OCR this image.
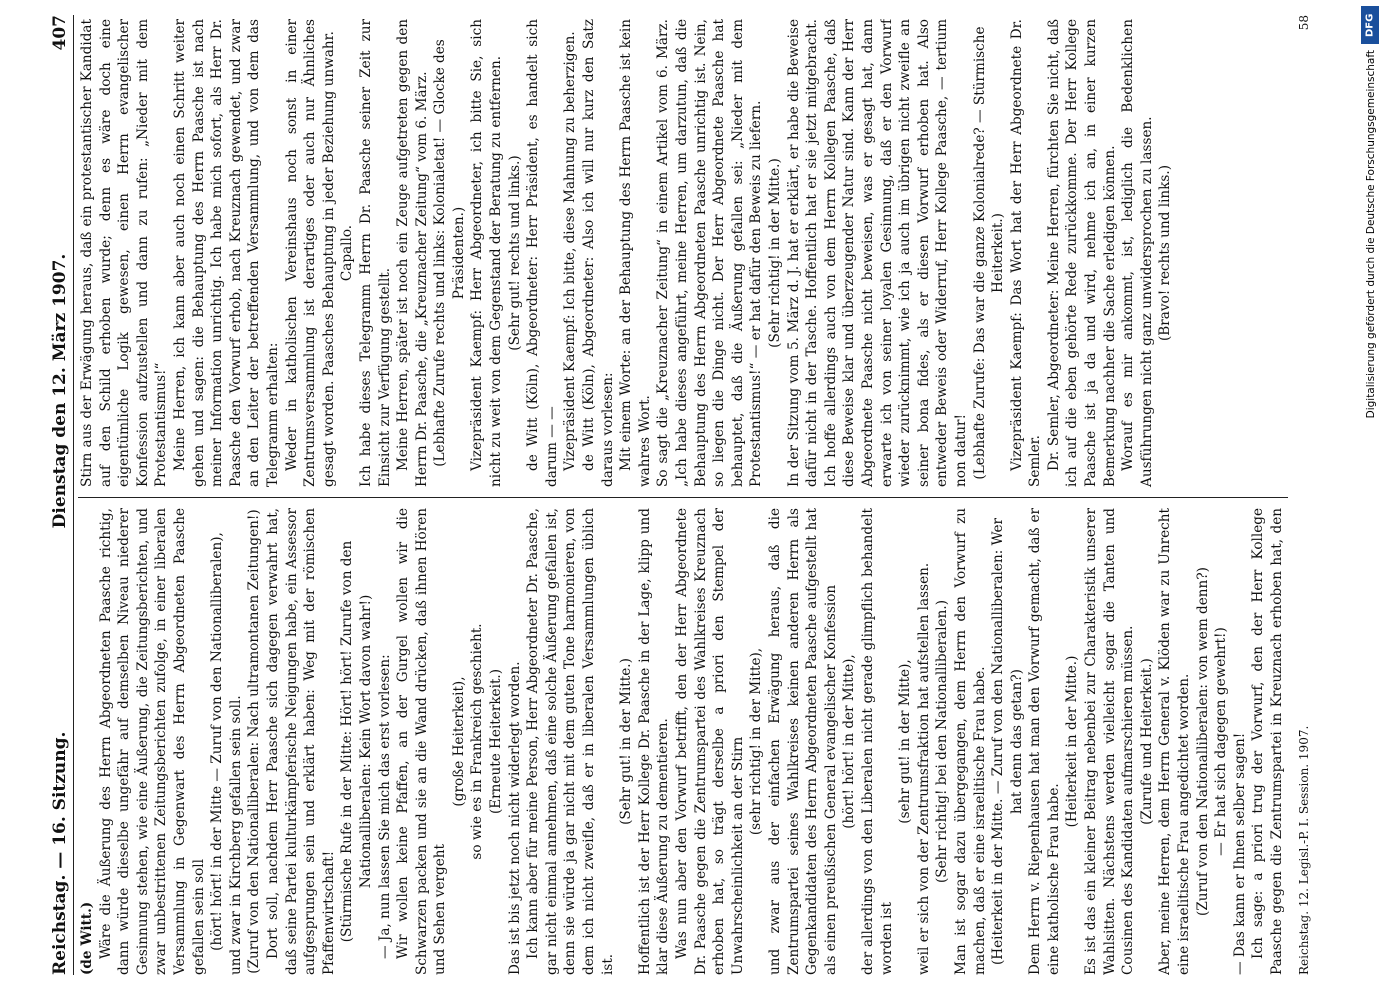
Reichstag. — 16. Sitzung.
Dienstag den 12. März 1907.
407

(de Witt.) Wäre die Äußerung des Herrn Abgeordneten Paasche richtig, dann würde dieselbe ungefähr auf demselben Niveau niederer Gesinnung stehen, wie eine Äußerung, die Zeitungsberichten, und zwar unbestrittenen Zeitungsberichten zufolge, in einer liberalen Versammlung in Gegenwart des Herrn Abgeordneten Paasche gefallen sein soll (hört! hört! in der Mitte — Zuruf von den Nationalliberalen), und zwar in Kirchberg gefallen sein soll. (Zuruf von den Nationalliberalen: Nach ultramontanen Zeitungen!) Dort soll, nachdem Herr Paasche sich dagegen verwahrt hat, daß seine Partei kulturkämpferische Neigungen habe, ein Assessor aufgesprungen sein und erklärt haben: Weg mit der römischen Pfaffenwirtschaft! (Stürmische Rufe in der Mitte: Hört! hört! Zurufe von den Nationalliberalen: Kein Wort davon wahr!) — Ja, nun lassen Sie mich das erst vorlesen: Wir wollen keine Pfaffen, an der Gurgel wollen wir die Schwarzen packen und sie an die Wand drücken, daß ihnen Hören und Sehen vergeht

(große Heiterkeit), so wie es in Frankreich geschieht. (Erneute Heiterkeit.) Das ist bis jetzt noch nicht widerlegt worden. Ich kann aber für meine Person, Herr Abgeordneter Dr. Paasche, gar nicht einmal annehmen, daß eine solche Äußerung gefallen ist, denn sie würde ja gar nicht mit dem guten Tone harmonieren, von dem ich nicht zweifle, daß er in liberalen Versammlungen üblich ist.

(Sehr gut! in der Mitte.) Hoffentlich ist der Herr Kollege Dr. Paasche in der Lage, klipp und klar diese Äußerung zu dementieren. Was nun aber den Vorwurf betrifft, den der Herr Abgeordnete Dr. Paasche gegen die Zentrumspartei des Wahlkreises Kreuznach erhoben hat, so trägt derselbe a priori den Stempel der Unwahrscheinlichkeit an der Stirn (sehr richtig! in der Mitte), und zwar aus der einfachen Erwägung heraus, daß die Zentrumspartei seines Wahlkreises keinen anderen Herrn als Gegenkandidaten des Herrn Abgeordneten Paasche aufgestellt hat als einen preußischen General evangelischer Konfession (hört! hört! in der Mitte), der allerdings von den Liberalen nicht gerade glimpflich behandelt worden ist

(sehr gut! in der Mitte), weil er sich von der Zentrumsfraktion hat aufstellen lassen. (Sehr richtig! bei den Nationalliberalen.) Man ist sogar dazu übergegangen, dem Herrn den Vorwurf zu machen, daß er eine israelitische Frau habe. (Heiterkeit in der Mitte. — Zuruf von den Nationalliberalen: Wer hat denn das getan?) Dem Herrn v. Riepenhausen hat man den Vorwurf gemacht, daß er eine katholische Frau habe.

(Heiterkeit in der Mitte.) Es ist das ein kleiner Beitrag nebenbei zur Charakteristik unserer Wahlsitten. Nächstens werden vielleicht sogar die Tanten und Cousinen des Kandidaten aufmarschieren müssen. (Zurufe und Heiterkeit.) Aber, meine Herren, dem Herrn General v. Klöden war zu Unrecht eine israelitische Frau angedichtet worden. (Zuruf von den Nationalliberalen: von wem denn?) — Er hat sich dagegen gewehrt!) — Das kann er Ihnen selber sagen! Ich sage: a priori trug der Vorwurf, den der Herr Kollege Paasche gegen die Zentrumspartei in Kreuznach erhoben hat, den

Stirn aus der Erwägung heraus, daß ein protestantischer Kandidat auf den Schild erhoben wurde; denn es wäre doch eine eigentümliche Logik gewesen, einen Herrn evangelischer Konfession aufzustellen und dann zu rufen: „Nieder mit dem Protestantismus!“ Meine Herren, ich kann aber auch noch einen Schritt weiter gehen und sagen: die Behauptung des Herrn Paasche ist nach meiner Information unrichtig. Ich habe mich sofort, als Herr Dr. Paasche den Vorwurf erhob, nach Kreuznach gewendet, und zwar an den Leiter der betreffenden Versammlung, und von dem das Telegramm erhalten: Weder in katholischen Vereinshaus noch sonst in einer Zentrumsversammlung ist derartiges oder auch nur Ähnliches gesagt worden. Paasches Behauptung in jeder Beziehung unwahr. Capallo. Ich habe dieses Telegramm Herrn Dr. Paasche seiner Zeit zur Einsicht zur Verfügung gestellt. Meine Herren, später ist noch ein Zeuge aufgetreten gegen den Herrn Dr. Paasche, die „Kreuznacher Zeitung“ vom 6. März. (Lebhafte Zurufe rechts und links: Kolonialetat! — Glocke des Präsidenten.) Vizepräsident Kaempf: Herr Abgeordneter, ich bitte Sie, sich nicht zu weit von dem Gegenstand der Beratung zu entfernen. (Sehr gut! rechts und links.) de Witt (Köln), Abgeordneter: Herr Präsident, es handelt sich darum — — Vizepräsident Kaempf: Ich bitte, diese Mahnung zu beherzigen. de Witt (Köln), Abgeordneter: Also ich will nur kurz den Satz daraus vorlesen: Mit einem Worte: an der Behauptung des Herrn Paasche ist kein wahres Wort. So sagt die „Kreuznacher Zeitung“ in einem Artikel vom 6. März. „Ich habe dieses angeführt, meine Herren, um darzutun, daß die Behauptung des Herrn Abgeordneten Paasche unrichtig ist. Nein, so liegen die Dinge nicht. Der Herr Abgeordnete Paasche hat behauptet, daß die Äußerung gefallen sei: „Nieder mit dem Protestantismus!“ — er hat dafür den Beweis zu liefern. (Sehr richtig! in der Mitte.) In der Sitzung vom 5. März d. J. hat er erklärt, er habe die Beweise dafür nicht in der Tasche. Hoffentlich hat er sie jetzt mitgebracht. Ich hoffe allerdings auch von dem Herrn Kollegen Paasche, daß diese Beweise klar und überzeugender Natur sind. Kann der Herr Abgeordnete Paasche nicht beweisen, was er gesagt hat, dann erwarte ich von seiner loyalen Gesinnung, daß er den Vorwurf wieder zurücknimmt, wie ich ja auch im übrigen nicht zweifle an seiner bona fides, als er diesen Vorwurf erhoben hat. Also entweder Beweis oder Widerruf, Herr Kollege Paasche, — tertium non datur! (Lebhafte Zurufe: Das war die ganze Kolonialrede? — Stürmische Heiterkeit.) Vizepräsident Kaempf: Das Wort hat der Herr Abgeordnete Dr. Semler. Dr. Semler, Abgeordneter: Meine Herren, fürchten Sie nicht, daß ich auf die eben gehörte Rede zurückkomme. Der Herr Kollege Paasche ist ja da und wird, nehme ich an, in einer kurzen Bemerkung nachher die Sache erledigen können. Worauf es mir ankommt, ist, lediglich die Bedenklichen Ausführungen nicht ganz unwidersprochen zu lassen. (Bravo! rechts und links.)

Reichstag. 12. Legisl.-P. I. Session. 1907.
58	DFG
Digitalisierung gefördert durch die Deutsche Forschungsgemeinschaft
